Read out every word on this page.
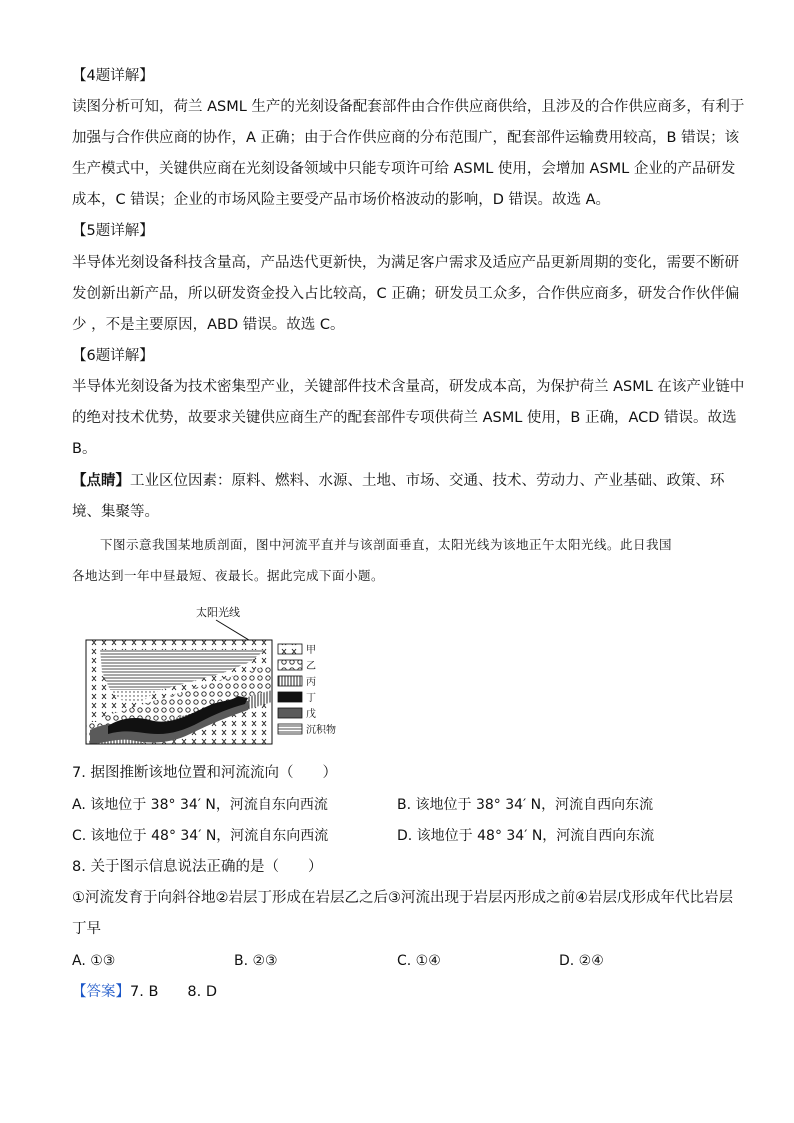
【4题详解】
读图分析可知，荷兰 ASML 生产的光刻设备配套部件由合作供应商供给，且涉及的合作供应商多，有利于
加强与合作供应商的协作，A 正确；由于合作供应商的分布范围广，配套部件运输费用较高，B 错误；该
生产模式中，关键供应商在光刻设备领域中只能专项许可给 ASML 使用，会增加 ASML 企业的产品研发
成本，C 错误；企业的市场风险主要受产品市场价格波动的影响，D 错误。故选 A。
【5题详解】
半导体光刻设备科技含量高，产品迭代更新快，为满足客户需求及适应产品更新周期的变化，需要不断研
发创新出新产品，所以研发资金投入占比较高，C 正确；研发员工众多，合作供应商多，研发合作伙伴偏
少 ，不是主要原因，ABD 错误。故选 C。
【6题详解】
半导体光刻设备为技术密集型产业，关键部件技术含量高，研发成本高，为保护荷兰 ASML 在该产业链中
的绝对技术优势，故要求关键供应商生产的配套部件专项供荷兰 ASML 使用，B 正确，ACD 错误。故选
B。
【点睛】工业区位因素：原料、燃料、水源、土地、市场、交通、技术、劳动力、产业基础、政策、环
境、集聚等。
下图示意我国某地质剖面，图中河流平直并与该剖面垂直，太阳光线为该地正午太阳光线。此日我国
各地达到一年中昼最短、夜最长。据此完成下面小题。
太阳光线
甲
乙
丙
丁
戊
沉积物
7. 据图推断该地位置和河流流向（　　）
A. 该地位于 38° 34′ N，河流自东向西流	B. 该地位于 38° 34′ N，河流自西向东流
C. 该地位于 48° 34′ N，河流自东向西流	D. 该地位于 48° 34′ N，河流自西向东流
8. 关于图示信息说法正确的是（　　）
①河流发育于向斜谷地②岩层丁形成在岩层乙之后③河流出现于岩层丙形成之前④岩层戊形成年代比岩层
丁早
A. ①③	B. ②③	C. ①④	D. ②④
【答案】7. B　　8. D
